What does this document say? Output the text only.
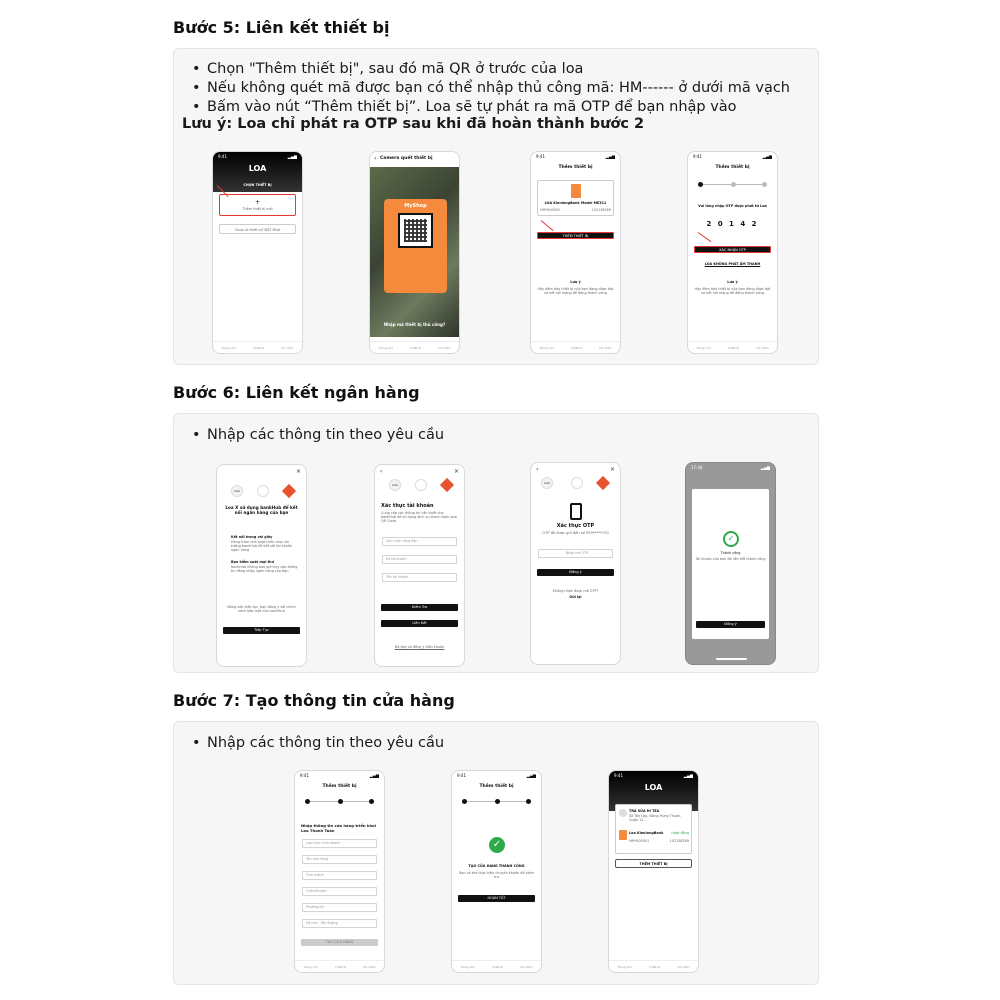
Bước 5: Liên kết thiết bị
• Chọn "Thêm thiết bị", sau đó mã QR ở trước của loa
• Nếu không quét mã được bạn có thể nhập thủ công mã: HM------ ở dưới mã vạch
• Bấm vào nút “Thêm thiết bị”. Loa sẽ tự phát ra mã OTP để bạn nhập vào
Lưu ý: Loa chỉ phát ra OTP sau khi đã hoàn thành bước 2
9:41	▂▄▆
LOA
CHỌN THIẾT BỊ
+
Thêm thiết bị mới
Chưa có thiết bị? ĐẶT MUA
Trang chủ	Thiết bị	Cá nhân
Camera quét thiết bị
‹
MyShop
Nhập mã thiết bị thủ công?
Trang chủ	Thiết bị	Cá nhân
9:41	▂▄▆
Thêm thiết bị
LOA KienlongBank Model ME311
HM*000001	102138289
THÊM THIẾT BỊ
Lưu ý
Hãy đảm bảo thiết bị của bạn đang được bật và kết nối mạng để đăng thành công
Trang chủ	Thiết bị	Cá nhân
9:41	▂▄▆
Thêm thiết bị
Vui lòng nhập OTP được phát từ Loa
2 0 1 4 2
XÁC NHẬN OTP
LOA KHÔNG PHÁT ÂM THANH
Lưu ý
Hãy đảm bảo thiết bị của bạn đang được bật và kết nối mạng để đăng thành công
Trang chủ	Thiết bị	Cá nhân
Bước 6: Liên kết ngân hàng
• Nhập các thông tin theo yêu cầu
×
LOA
Loa X sử dụng bankHub để kết nối ngân hàng của bạn
Kết nối trong vài giây
Hàng trăm nhà phát triển chọn tin tưởng bankHub để kết nối tài khoản ngân hàng
Bạn kiểm soát mọi thứ
bankHub không bao giờ truy cập thông tin đăng nhập ngân hàng của bạn
Bằng việc tiếp tục, bạn đồng ý với chính sách bảo mật của bankHub
Tiếp Tục
‹	×
LOA
Xác thực tài khoản
Cung cấp các thông tin cần thiết cho bankHub để sử dụng dịch vụ thanh toán qua QR Code.
Căn cước công dân
Số tài khoản
Tên tài khoản
Kiểm Tra
Liên Kết
Đã đọc và đồng ý điều khoản
‹	×
LOA
Xác thực OTP
OTP đã được gửi đến số 093*****170
Nhập mã OTP
Đồng ý
Không nhận được mã OTP?
Gửi lại
17:44	▂▄▆
✓
Thành công
Tài khoản của bạn đã liên kết thành công
Đồng ý
Bước 7: Tạo thông tin cửa hàng
• Nhập các thông tin theo yêu cầu
9:41	▂▄▆
Thêm thiết bị
Nhập thông tin cửa hàng triển khai Loa Thanh Toán
Loại mục kinh doanh
Tên cửa hàng
Tỉnh thành
Quận/Huyện
Phường/Xã
Số nhà - Tên đường
TẠO CỬA HÀNG
Trang chủ	Thiết bị	Cá nhân
9:41	▂▄▆
Thêm thiết bị
✓
TẠO CỬA HÀNG THÀNH CÔNG
Bạn có thể thực hiện chuyển khoản để kiểm tra
HOÀN TẤT
Trang chủ	Thiết bị	Cá nhân
9:41	▂▄▆
LOA
TRÀ SỮA HI TEA
Số Tân Lập, Đông Hưng Thuận, Quận 12...
Loa KienlongBank Hoạt động
HM*000001	102138289
THÊM THIẾT BỊ
Trang chủ	Thiết bị	Cá nhân
